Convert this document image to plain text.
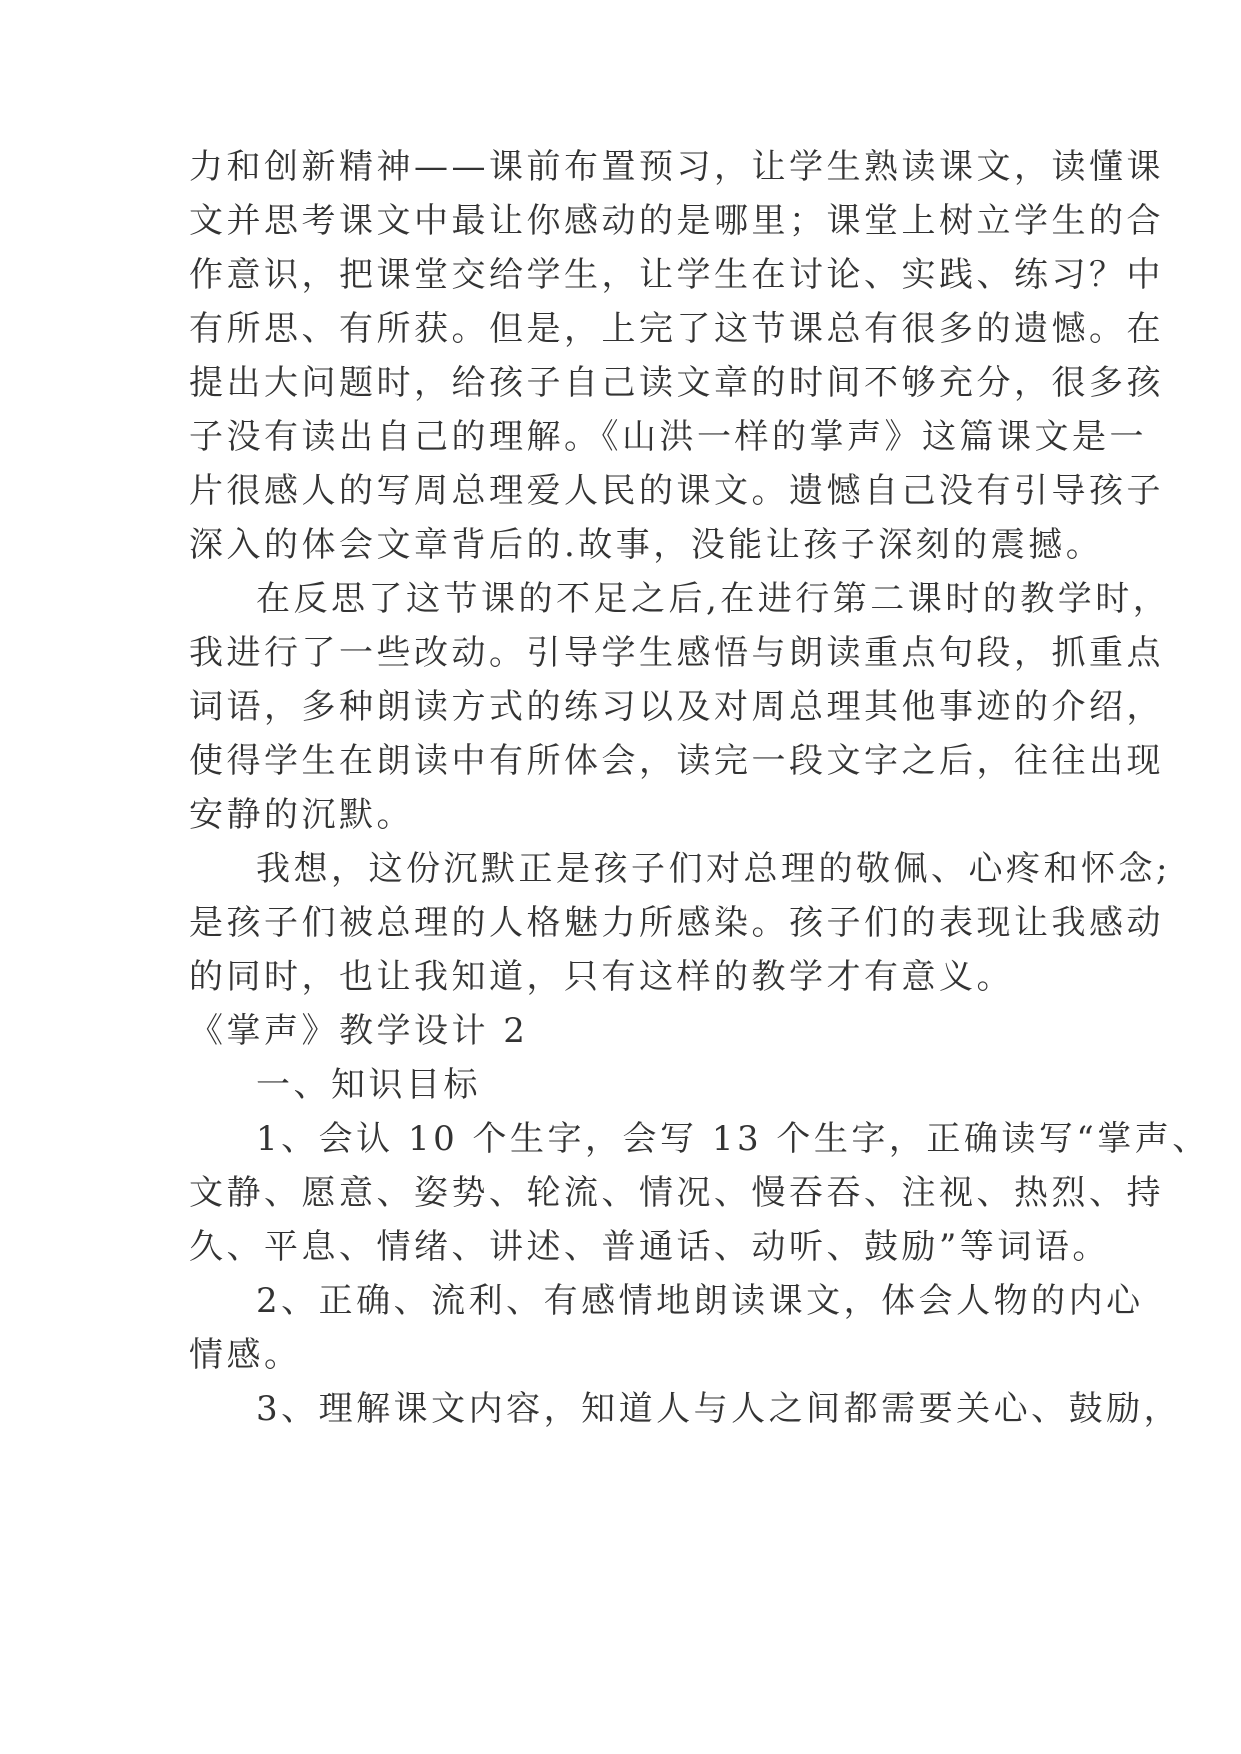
力和创新精神——课前布置预习，让学生熟读课文，读懂课
文并思考课文中最让你感动的是哪里；课堂上树立学生的合
作意识，把课堂交给学生，让学生在讨论、实践、练习？中
有所思、有所获。但是，上完了这节课总有很多的遗憾。在
提出大问题时，给孩子自己读文章的时间不够充分，很多孩
子没有读出自己的理解。《山洪一样的掌声》这篇课文是一
片很感人的写周总理爱人民的课文。遗憾自己没有引导孩子
深入的体会文章背后的.故事，没能让孩子深刻的震撼。
在反思了这节课的不足之后,在进行第二课时的教学时，
我进行了一些改动。引导学生感悟与朗读重点句段，抓重点
词语，多种朗读方式的练习以及对周总理其他事迹的介绍，
使得学生在朗读中有所体会，读完一段文字之后，往往出现
安静的沉默。
我想，这份沉默正是孩子们对总理的敬佩、心疼和怀念;
是孩子们被总理的人格魅力所感染。孩子们的表现让我感动
的同时，也让我知道，只有这样的教学才有意义。
《掌声》教学设计 2
一、知识目标
1、会认 10 个生字，会写 13 个生字，正确读写“掌声、
文静、愿意、姿势、轮流、情况、慢吞吞、注视、热烈、持
久、平息、情绪、讲述、普通话、动听、鼓励”等词语。
2、正确、流利、有感情地朗读课文，体会人物的内心
情感。
3、理解课文内容，知道人与人之间都需要关心、鼓励，
